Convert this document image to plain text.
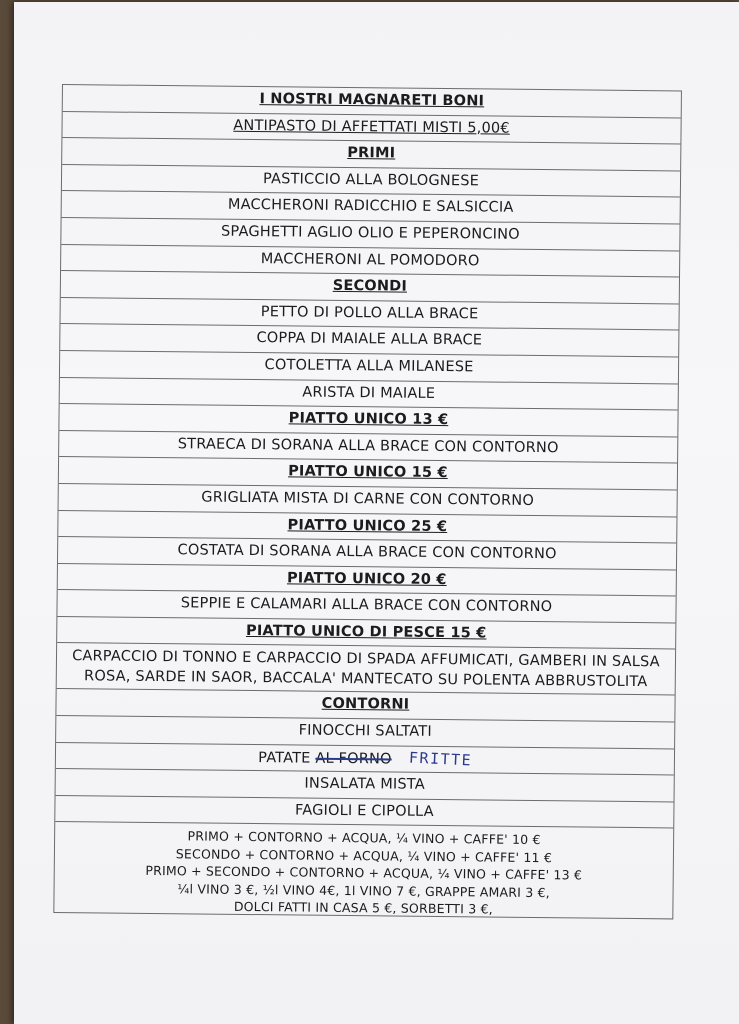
I NOSTRI MAGNARETI BONI
ANTIPASTO DI AFFETTATI MISTI 5,00€
PRIMI
PASTICCIO ALLA BOLOGNESE
MACCHERONI RADICCHIO E SALSICCIA
SPAGHETTI AGLIO OLIO E PEPERONCINO
MACCHERONI AL POMODORO
SECONDI
PETTO DI POLLO ALLA BRACE
COPPA DI MAIALE ALLA BRACE
COTOLETTA ALLA MILANESE
ARISTA DI MAIALE
PIATTO UNICO 13 €
STRAECA DI SORANA ALLA BRACE CON CONTORNO
PIATTO UNICO 15 €
GRIGLIATA MISTA DI CARNE CON CONTORNO
PIATTO UNICO 25 €
COSTATA DI SORANA ALLA BRACE CON CONTORNO
PIATTO UNICO 20 €
SEPPIE E CALAMARI ALLA BRACE CON CONTORNO
PIATTO UNICO DI PESCE 15 €
CARPACCIO DI TONNO E CARPACCIO DI SPADA AFFUMICATI, GAMBERI IN SALSA ROSA, SARDE IN SAOR, BACCALA' MANTECATO SU POLENTA ABBRUSTOLITA
CONTORNI
FINOCCHI SALTATI
PATATE AL FORNO FRITTE
INSALATA MISTA
FAGIOLI E CIPOLLA
PRIMO + CONTORNO + ACQUA, ¼ VINO + CAFFE' 10 €
SECONDO + CONTORNO + ACQUA, ¼ VINO + CAFFE' 11 €
PRIMO + SECONDO + CONTORNO + ACQUA, ¼ VINO + CAFFE' 13 €
¼l VINO 3 €, ½l VINO 4€, 1l VINO 7 €, GRAPPE AMARI 3 €,
DOLCI FATTI IN CASA 5 €, SORBETTI 3 €,
